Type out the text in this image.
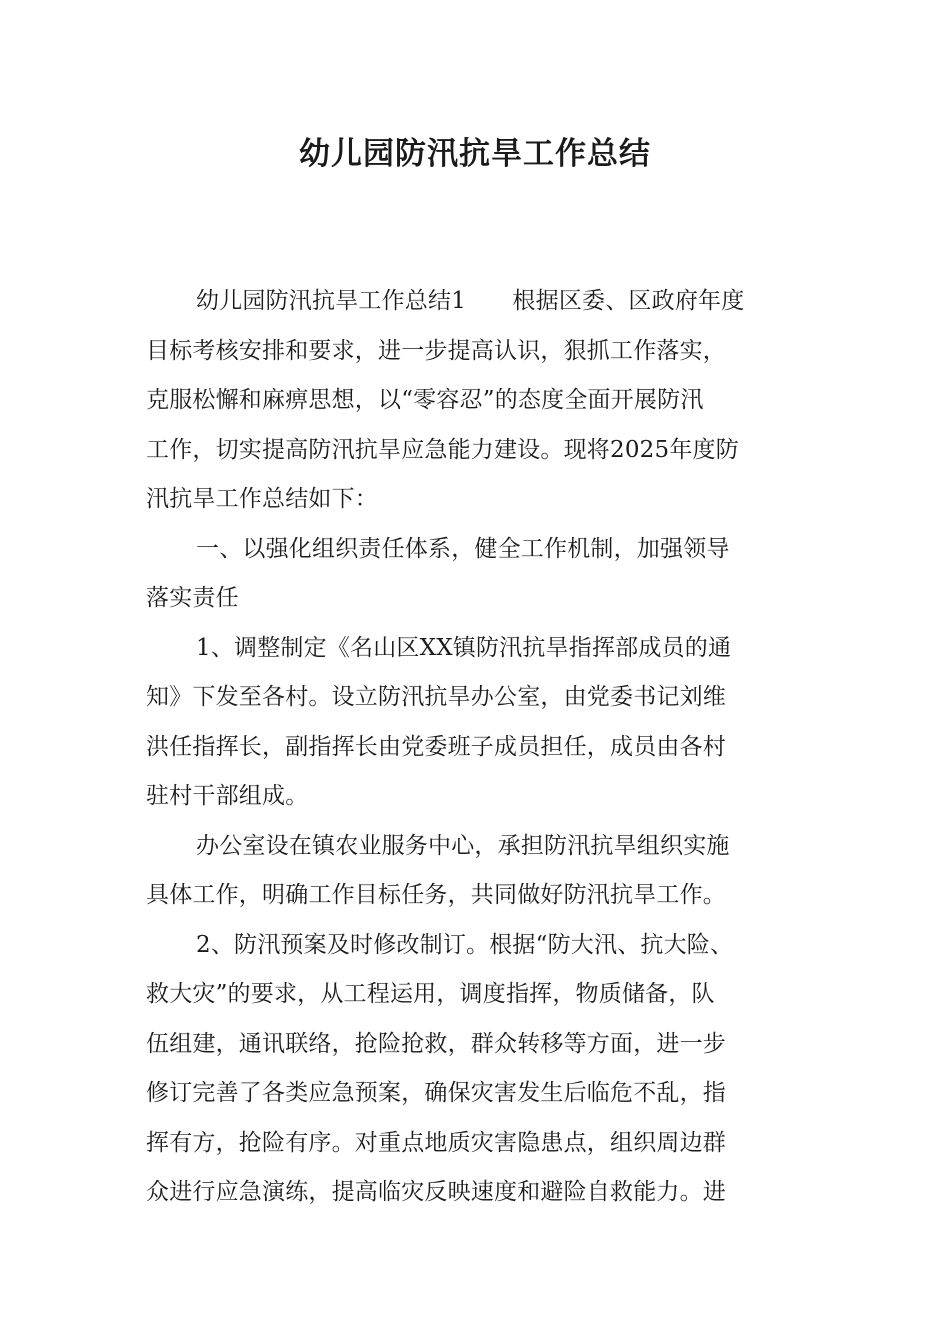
幼儿园防汛抗旱工作总结
幼儿园防汛抗旱工作总结1　　根据区委、区政府年度
目标考核安排和要求，进一步提高认识，狠抓工作落实，
克服松懈和麻痹思想，以“零容忍”的态度全面开展防汛
工作，切实提高防汛抗旱应急能力建设。现将2025年度防
汛抗旱工作总结如下：
一、以强化组织责任体系，健全工作机制，加强领导
落实责任
1、调整制定《名山区XX镇防汛抗旱指挥部成员的通
知》下发至各村。设立防汛抗旱办公室，由党委书记刘维
洪任指挥长，副指挥长由党委班子成员担任，成员由各村
驻村干部组成。
办公室设在镇农业服务中心，承担防汛抗旱组织实施
具体工作，明确工作目标任务，共同做好防汛抗旱工作。
2、防汛预案及时修改制订。根据“防大汛、抗大险、
救大灾”的要求，从工程运用，调度指挥，物质储备，队
伍组建，通讯联络，抢险抢救，群众转移等方面，进一步
修订完善了各类应急预案，确保灾害发生后临危不乱，指
挥有方，抢险有序。对重点地质灾害隐患点，组织周边群
众进行应急演练，提高临灾反映速度和避险自救能力。进
